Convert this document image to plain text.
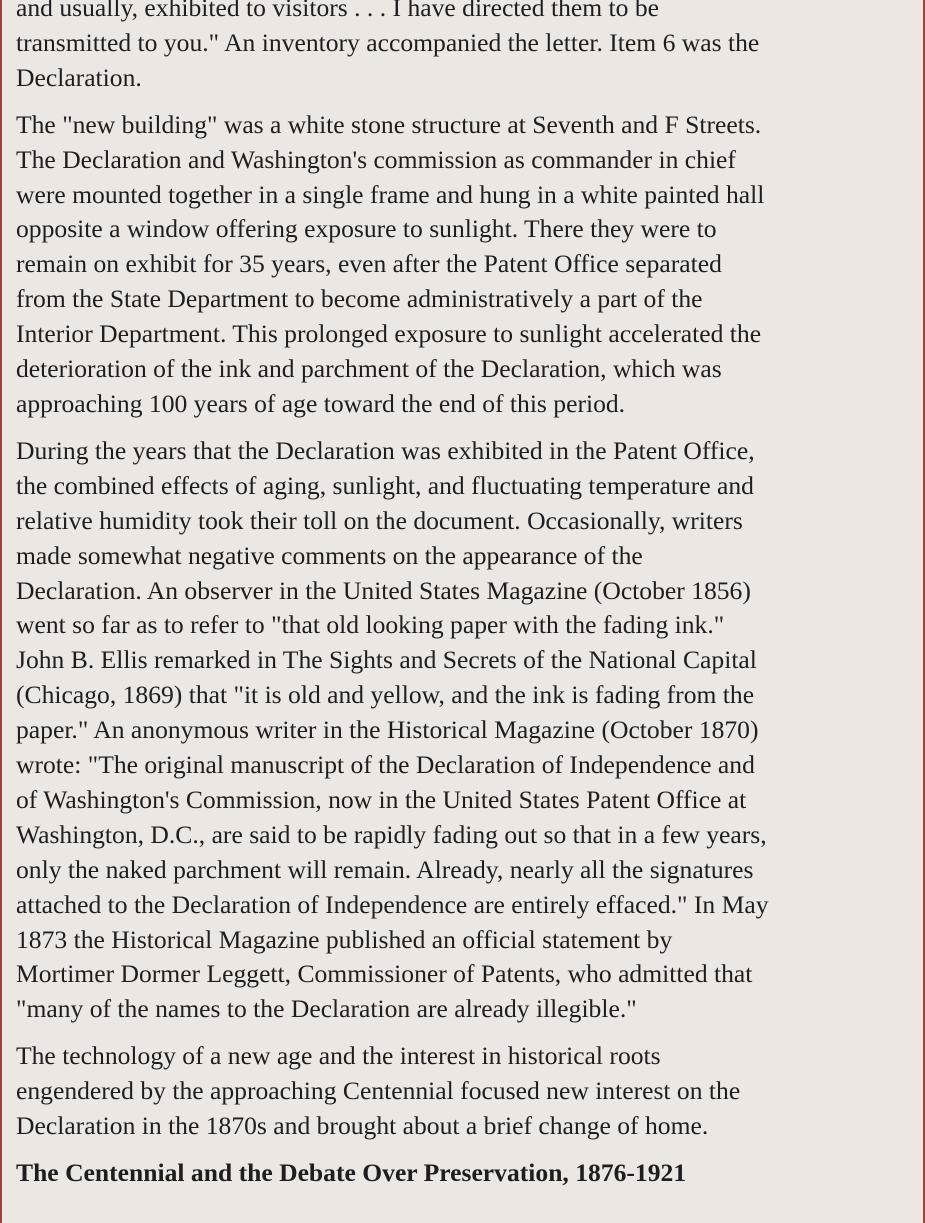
and usually, exhibited to visitors . . . I have directed them to be
transmitted to you." An inventory accompanied the letter. Item 6 was the
Declaration.

The "new building" was a white stone structure at Seventh and F Streets.
The Declaration and Washington's commission as commander in chief
were mounted together in a single frame and hung in a white painted hall
opposite a window offering exposure to sunlight. There they were to
remain on exhibit for 35 years, even after the Patent Office separated
from the State Department to become administratively a part of the
Interior Department. This prolonged exposure to sunlight accelerated the
deterioration of the ink and parchment of the Declaration, which was
approaching 100 years of age toward the end of this period.

During the years that the Declaration was exhibited in the Patent Office,
the combined effects of aging, sunlight, and fluctuating temperature and
relative humidity took their toll on the document. Occasionally, writers
made somewhat negative comments on the appearance of the
Declaration. An observer in the United States Magazine (October 1856)
went so far as to refer to "that old looking paper with the fading ink."
John B. Ellis remarked in The Sights and Secrets of the National Capital
(Chicago, 1869) that "it is old and yellow, and the ink is fading from the
paper." An anonymous writer in the Historical Magazine (October 1870)
wrote: "The original manuscript of the Declaration of Independence and
of Washington's Commission, now in the United States Patent Office at
Washington, D.C., are said to be rapidly fading out so that in a few years,
only the naked parchment will remain. Already, nearly all the signatures
attached to the Declaration of Independence are entirely effaced." In May
1873 the Historical Magazine published an official statement by
Mortimer Dormer Leggett, Commissioner of Patents, who admitted that
"many of the names to the Declaration are already illegible."

The technology of a new age and the interest in historical roots
engendered by the approaching Centennial focused new interest on the
Declaration in the 1870s and brought about a brief change of home.

The Centennial and the Debate Over Preservation, 1876-1921
